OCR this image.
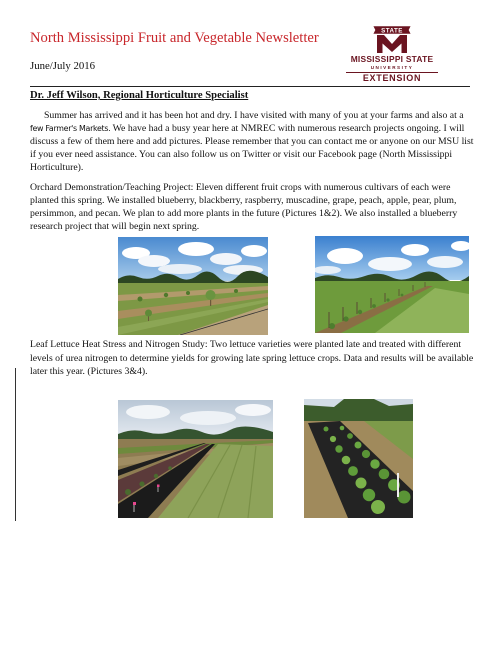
North Mississippi Fruit and Vegetable Newsletter
June/July 2016
STATE
MISSISSIPPI STATE
UNIVERSITY
EXTENSION
Dr. Jeff Wilson, Regional Horticulture Specialist

Summer has arrived and it has been hot and dry. I have visited with many of you at your farms and also at a few Farmer's Markets. We have had a busy year here at NMREC with numerous research projects ongoing. I will discuss a few of them here and add pictures. Please remember that you can contact me or anyone on our MSU list if you ever need assistance. You can also follow us on Twitter or visit our Facebook page (North Mississippi Horticulture).

Orchard Demonstration/Teaching Project: Eleven different fruit crops with numerous cultivars of each were planted this spring. We installed blueberry, blackberry, raspberry, muscadine, grape, peach, apple, pear, plum, persimmon, and pecan. We plan to add more plants in the future (Pictures 1&2). We also installed a blueberry research project that will begin next spring.

Leaf Lettuce Heat Stress and Nitrogen Study: Two lettuce varieties were planted late and treated with different levels of urea nitrogen to determine yields for growing late spring lettuce crops. Data and results will be available later this year. (Pictures 3&4).
